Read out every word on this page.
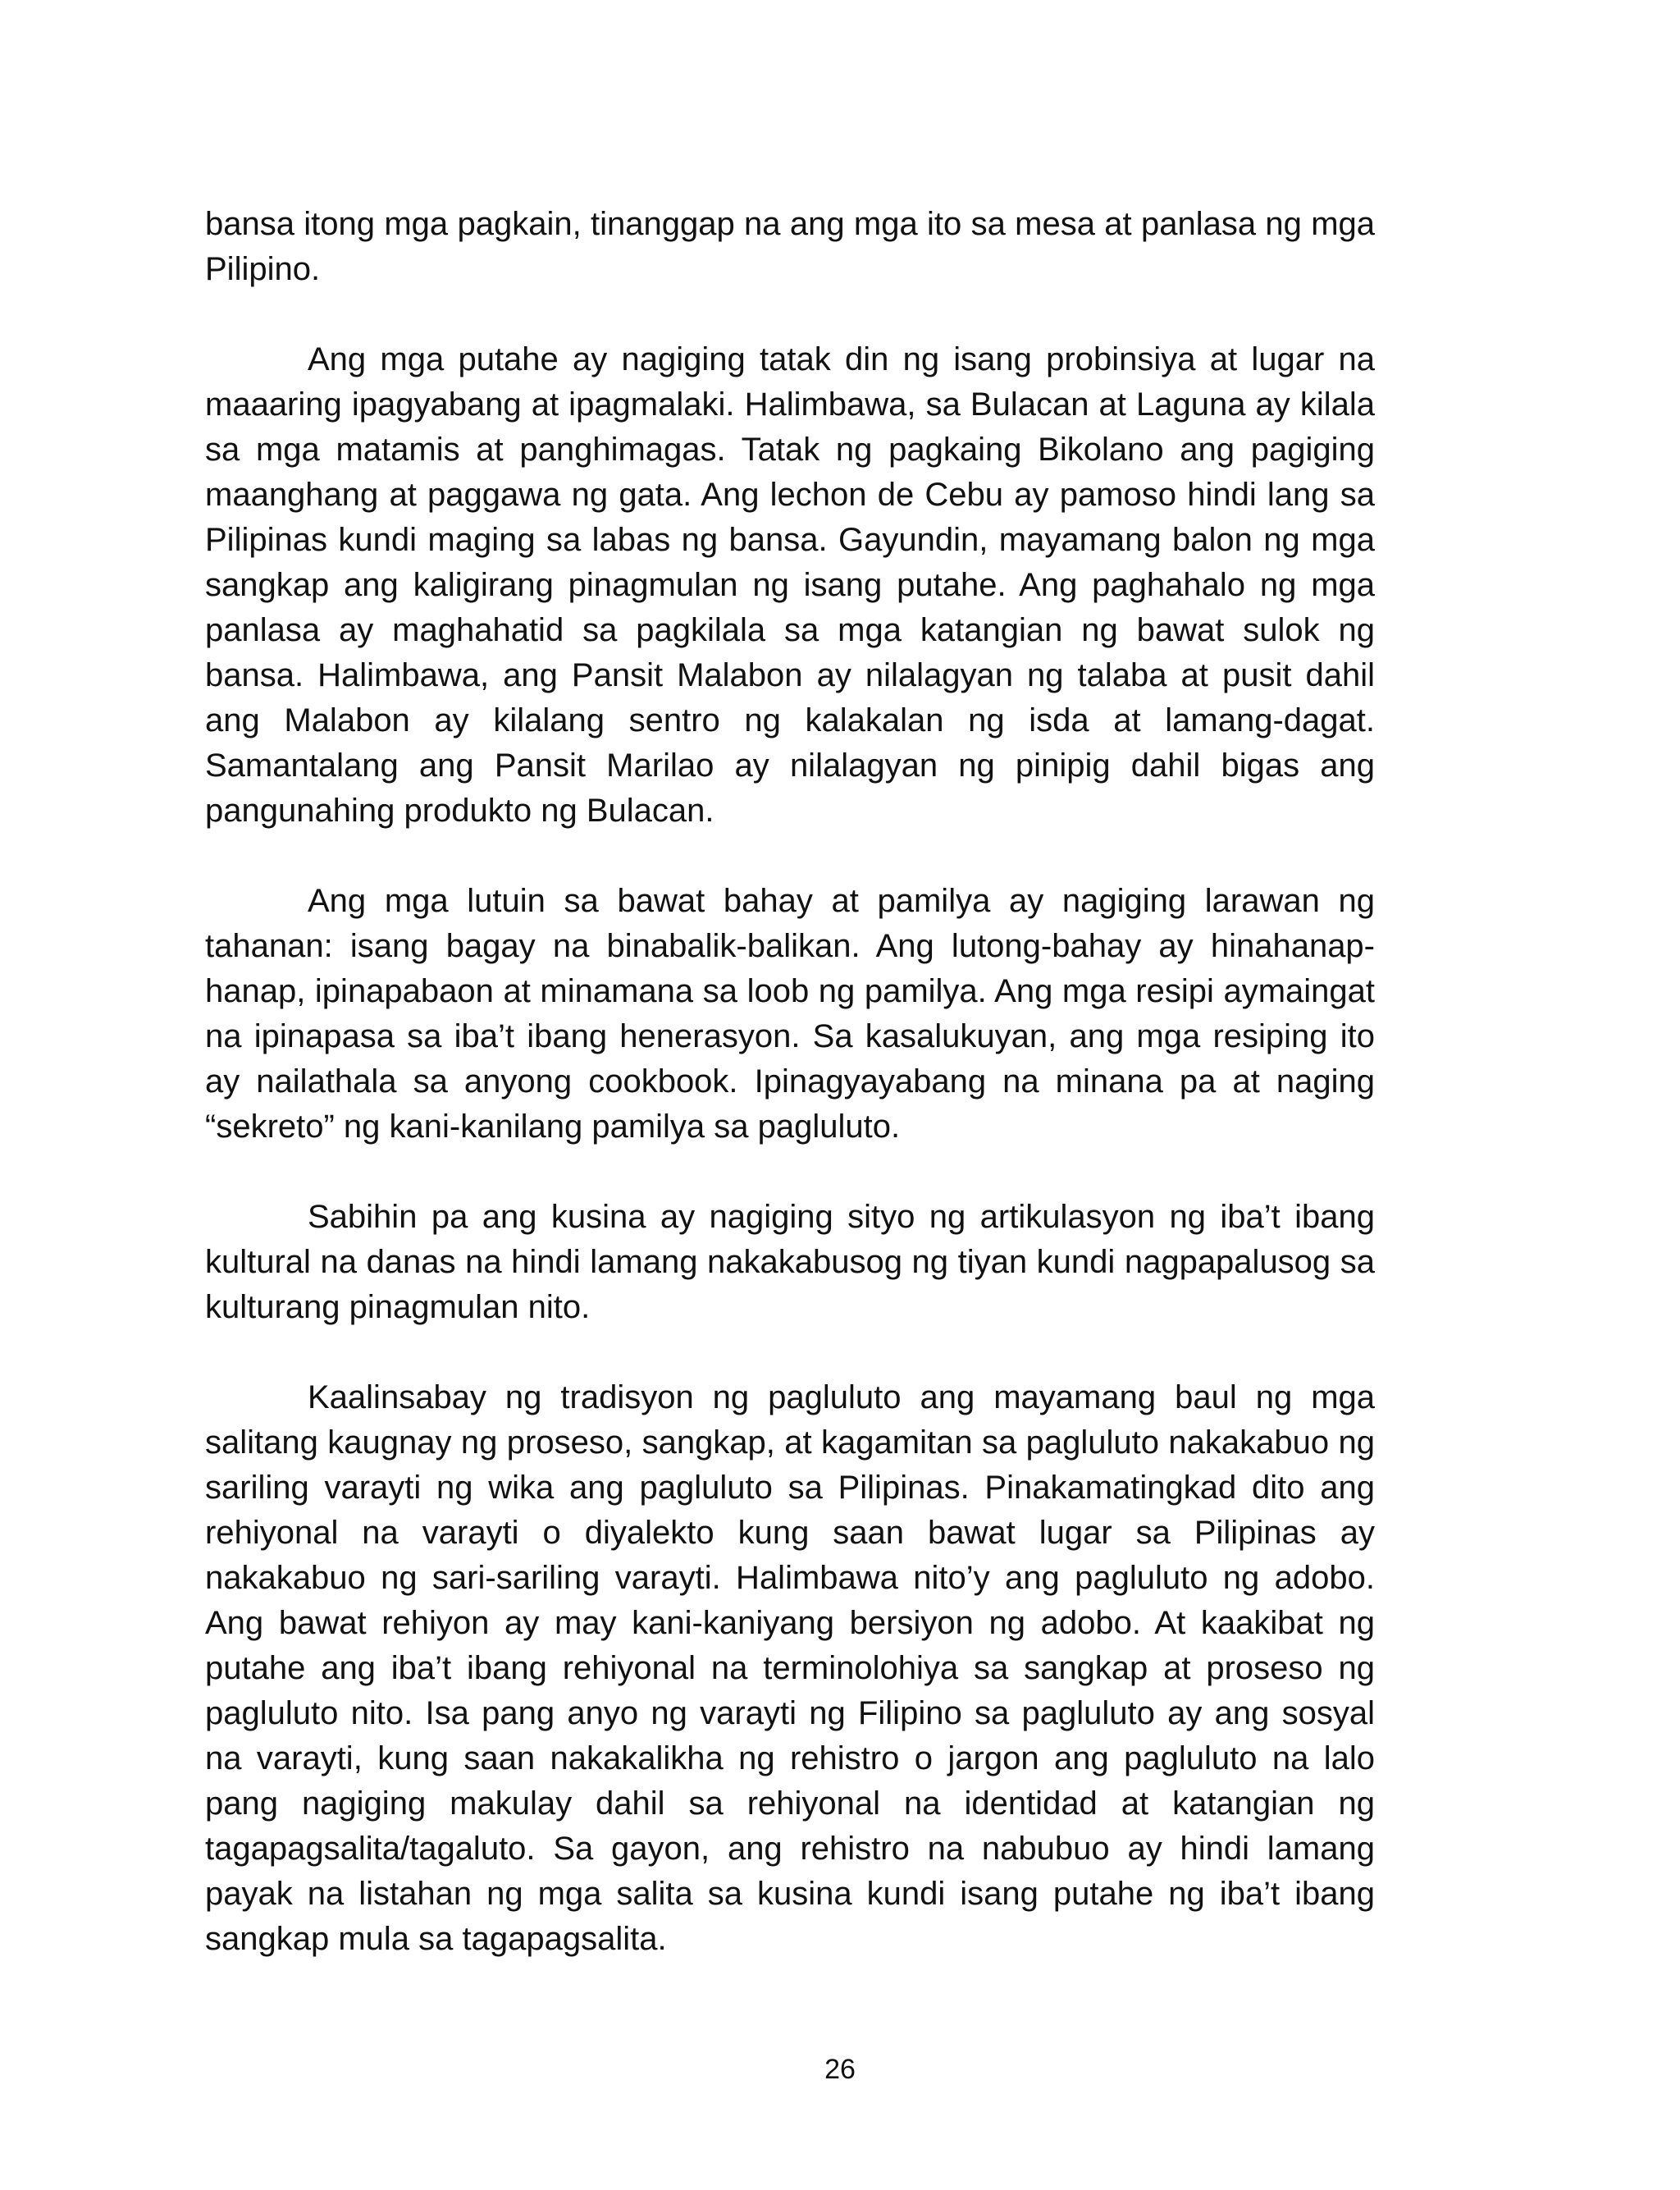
bansa itong mga pagkain, tinanggap na ang mga ito sa mesa at panlasa ng mga Pilipino.

Ang mga putahe ay nagiging tatak din ng isang probinsiya at lugar na maaaring ipagyabang at ipagmalaki. Halimbawa, sa Bulacan at Laguna ay kilala sa mga matamis at panghimagas. Tatak ng pagkaing Bikolano ang pagiging maanghang at paggawa ng gata. Ang lechon de Cebu ay pamoso hindi lang sa Pilipinas kundi maging sa labas ng bansa. Gayundin, mayamang balon ng mga sangkap ang kaligirang pinagmulan ng isang putahe. Ang paghahalo ng mga panlasa ay maghahatid sa pagkilala sa mga katangian ng bawat sulok ng bansa. Halimbawa, ang Pansit Malabon ay nilalagyan ng talaba at pusit dahil ang Malabon ay kilalang sentro ng kalakalan ng isda at lamang-dagat. Samantalang ang Pansit Marilao ay nilalagyan ng pinipig dahil bigas ang pangunahing produkto ng Bulacan.

Ang mga lutuin sa bawat bahay at pamilya ay nagiging larawan ng tahanan: isang bagay na binabalik-balikan. Ang lutong-bahay ay hinahanap-hanap, ipinapabaon at minamana sa loob ng pamilya. Ang mga resipi aymaingat na ipinapasa sa iba’t ibang henerasyon. Sa kasalukuyan, ang mga resiping ito ay nailathala sa anyong cookbook. Ipinagyayabang na minana pa at naging “sekreto” ng kani-kanilang pamilya sa pagluluto.

Sabihin pa ang kusina ay nagiging sityo ng artikulasyon ng iba’t ibang kultural na danas na hindi lamang nakakabusog ng tiyan kundi nagpapalusog sa kulturang pinagmulan nito.

Kaalinsabay ng tradisyon ng pagluluto ang mayamang baul ng mga salitang kaugnay ng proseso, sangkap, at kagamitan sa pagluluto nakakabuo ng sariling varayti ng wika ang pagluluto sa Pilipinas. Pinakamatingkad dito ang rehiyonal na varayti o diyalekto kung saan bawat lugar sa Pilipinas ay nakakabuo ng sari-sariling varayti. Halimbawa nito’y ang pagluluto ng adobo. Ang bawat rehiyon ay may kani-kaniyang bersiyon ng adobo. At kaakibat ng putahe ang iba’t ibang rehiyonal na terminolohiya sa sangkap at proseso ng pagluluto nito. Isa pang anyo ng varayti ng Filipino sa pagluluto ay ang sosyal na varayti, kung saan nakakalikha ng rehistro o jargon ang pagluluto na lalo pang nagiging makulay dahil sa rehiyonal na identidad at katangian ng tagapagsalita/tagaluto. Sa gayon, ang rehistro na nabubuo ay hindi lamang payak na listahan ng mga salita sa kusina kundi isang putahe ng iba’t ibang sangkap mula sa tagapagsalita.

26
